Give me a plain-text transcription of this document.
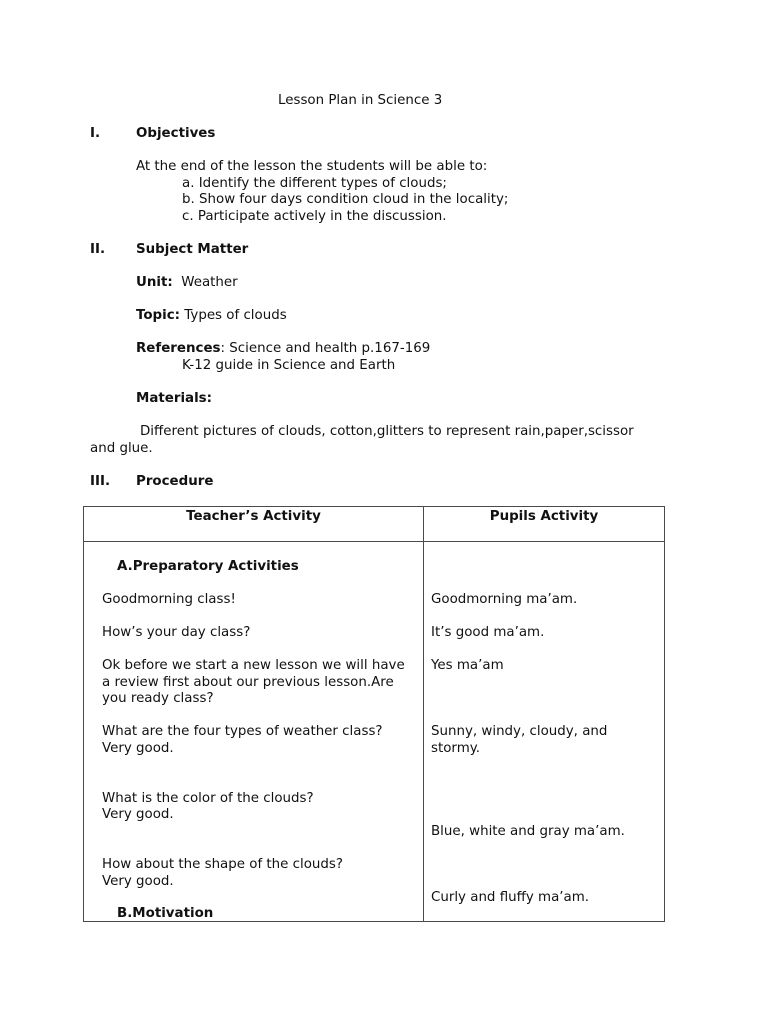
Lesson Plan in Science 3
I.	Objectives
At the end of the lesson the students will be able to:
a. Identify the different types of clouds;
b. Show four days condition cloud in the locality;
c. Participate actively in the discussion.
II. Subject Matter
Unit: Weather
Topic: Types of clouds
References: Science and health p.167-169
K-12 guide in Science and Earth
Materials:
Different pictures of clouds, cotton,glitters to represent rain,paper,scissor
and glue.
III. Procedure
Teacher’s Activity	Pupils Activity
A.Preparatory Activities
Goodmorning class!
How’s your day class?
Ok before we start a new lesson we will have
a review first about our previous lesson.Are
you ready class?
What are the four types of weather class?
Very good.
What is the color of the clouds?
Very good.
How about the shape of the clouds?
Very good.
B.Motivation
Goodmorning ma’am.
It’s good ma’am.
Yes ma’am
Sunny, windy, cloudy, and
stormy.
Blue, white and gray ma’am.
Curly and fluffy ma’am.
